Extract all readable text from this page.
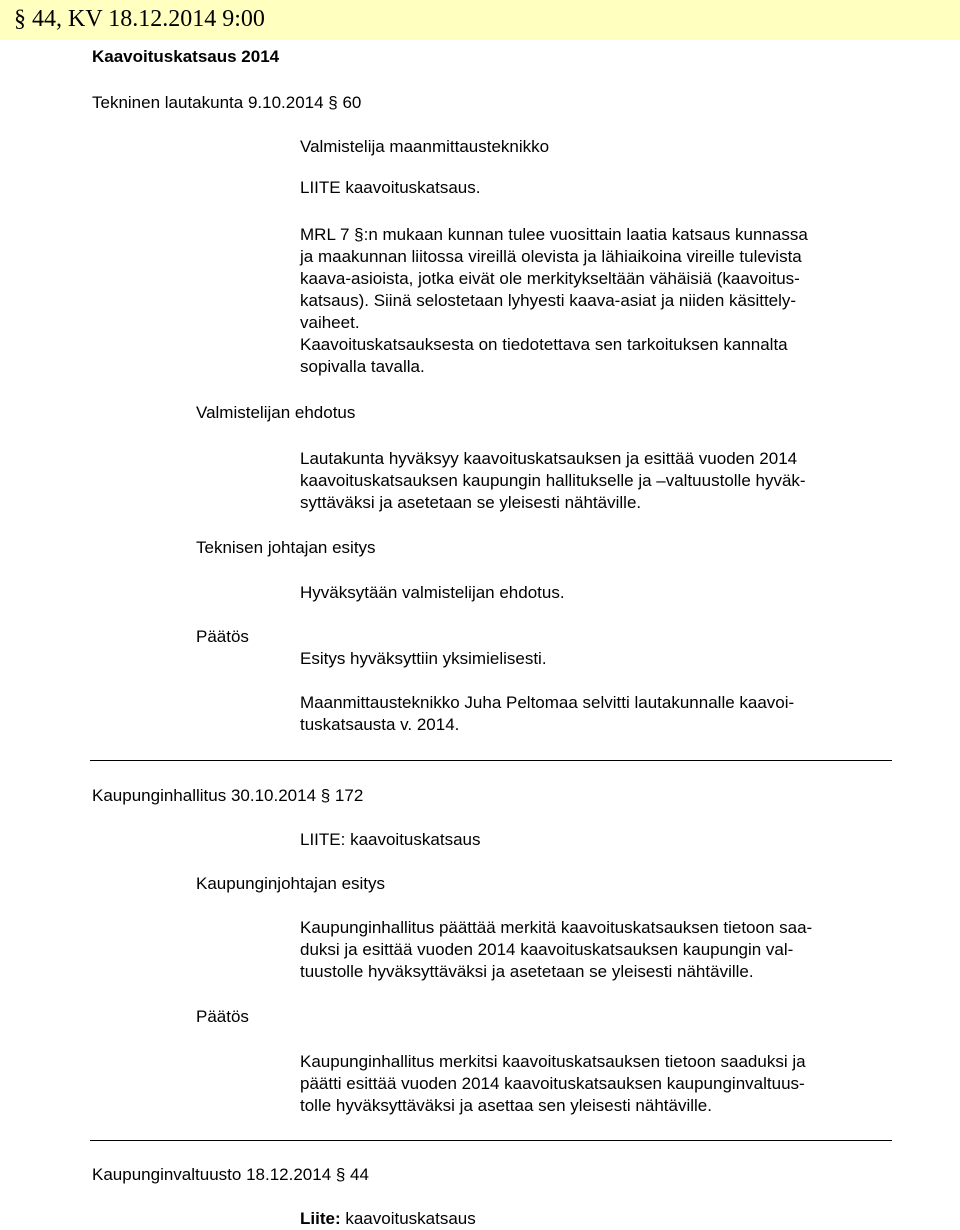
§ 44, KV 18.12.2014 9:00
Kaavoituskatsaus 2014
Tekninen lautakunta 9.10.2014 § 60
Valmistelija maanmittausteknikko
LIITE kaavoituskatsaus.
MRL 7 §:n mukaan kunnan tulee vuosittain laatia katsaus kunnassa
ja maakunnan liitossa vireillä olevista ja lähiaikoina vireille tulevista
kaava-asioista, jotka eivät ole merkitykseltään vähäisiä (kaavoitus-
katsaus). Siinä selostetaan lyhyesti kaava-asiat ja niiden käsittely-
vaiheet.
Kaavoituskatsauksesta on tiedotettava sen tarkoituksen kannalta
sopivalla tavalla.
Valmistelijan ehdotus
Lautakunta hyväksyy kaavoituskatsauksen ja esittää vuoden 2014
kaavoituskatsauksen kaupungin hallitukselle ja –valtuustolle hyväk-
syttäväksi ja asetetaan se yleisesti nähtäville.
Teknisen johtajan esitys
Hyväksytään valmistelijan ehdotus.
Päätös
Esitys hyväksyttiin yksimielisesti.
Maanmittausteknikko Juha Peltomaa selvitti lautakunnalle kaavoi-
tuskatsausta v. 2014.
Kaupunginhallitus 30.10.2014 § 172
LIITE: kaavoituskatsaus
Kaupunginjohtajan esitys
Kaupunginhallitus päättää merkitä kaavoituskatsauksen tietoon saa-
duksi ja esittää vuoden 2014 kaavoituskatsauksen kaupungin val-
tuustolle hyväksyttäväksi ja asetetaan se yleisesti nähtäville.
Päätös
Kaupunginhallitus merkitsi kaavoituskatsauksen tietoon saaduksi ja
päätti esittää vuoden 2014 kaavoituskatsauksen kaupunginvaltuus-
tolle hyväksyttäväksi ja asettaa sen yleisesti nähtäville.
Kaupunginvaltuusto 18.12.2014 § 44
Liite: kaavoituskatsaus
